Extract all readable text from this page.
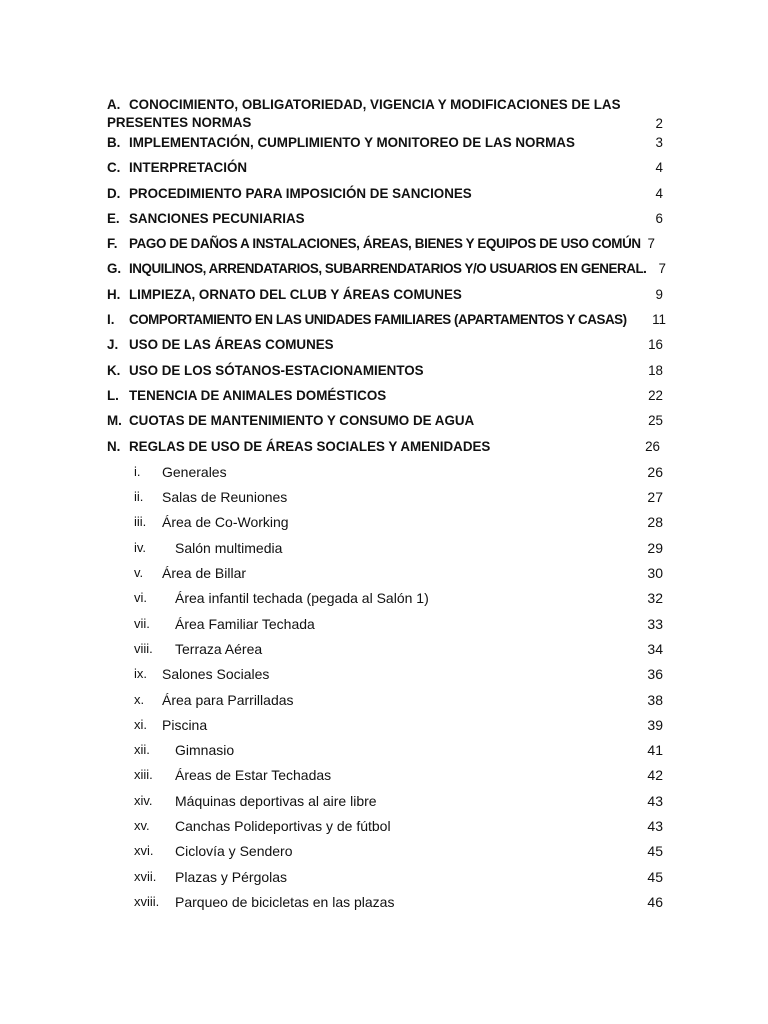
A. CONOCIMIENTO, OBLIGATORIEDAD, VIGENCIA Y MODIFICACIONES DE LAS
PRESENTES NORMAS	2
B. IMPLEMENTACIÓN, CUMPLIMIENTO Y MONITOREO DE LAS NORMAS	3
C. INTERPRETACIÓN	4
D. PROCEDIMIENTO PARA IMPOSICIÓN DE SANCIONES	4
E. SANCIONES PECUNIARIAS	6
F. PAGO DE DAÑOS A INSTALACIONES, ÁREAS, BIENES Y EQUIPOS DE USO COMÚN 7
G. INQUILINOS, ARRENDATARIOS, SUBARRENDATARIOS Y/O USUARIOS EN GENERAL. 7
H. LIMPIEZA, ORNATO DEL CLUB Y ÁREAS COMUNES	9
I.	COMPORTAMIENTO EN LAS UNIDADES FAMILIARES (APARTAMENTOS Y CASAS) 11
J. USO DE LAS ÁREAS COMUNES	16
K. USO DE LOS SÓTANOS-ESTACIONAMIENTOS	18
L. TENENCIA DE ANIMALES DOMÉSTICOS	22
M. CUOTAS DE MANTENIMIENTO Y CONSUMO DE AGUA	25
N. REGLAS DE USO DE ÁREAS SOCIALES Y AMENIDADES	26
i. Generales	26
ii. Salas de Reuniones	27
iii. Área de Co-Working	28
iv. Salón multimedia	29
v. Área de Billar	30
vi. Área infantil techada (pegada al Salón 1)	32
vii. Área Familiar Techada	33
viii. Terraza Aérea	34
ix. Salones Sociales	36
x. Área para Parrilladas	38
xi. Piscina	39
xii. Gimnasio	41
xiii. Áreas de Estar Techadas	42
xiv. Máquinas deportivas al aire libre	43
xv. Canchas Polideportivas y de fútbol	43
xvi. Ciclovía y Sendero	45
xvii. Plazas y Pérgolas	45
xviii. Parqueo de bicicletas en las plazas	46
